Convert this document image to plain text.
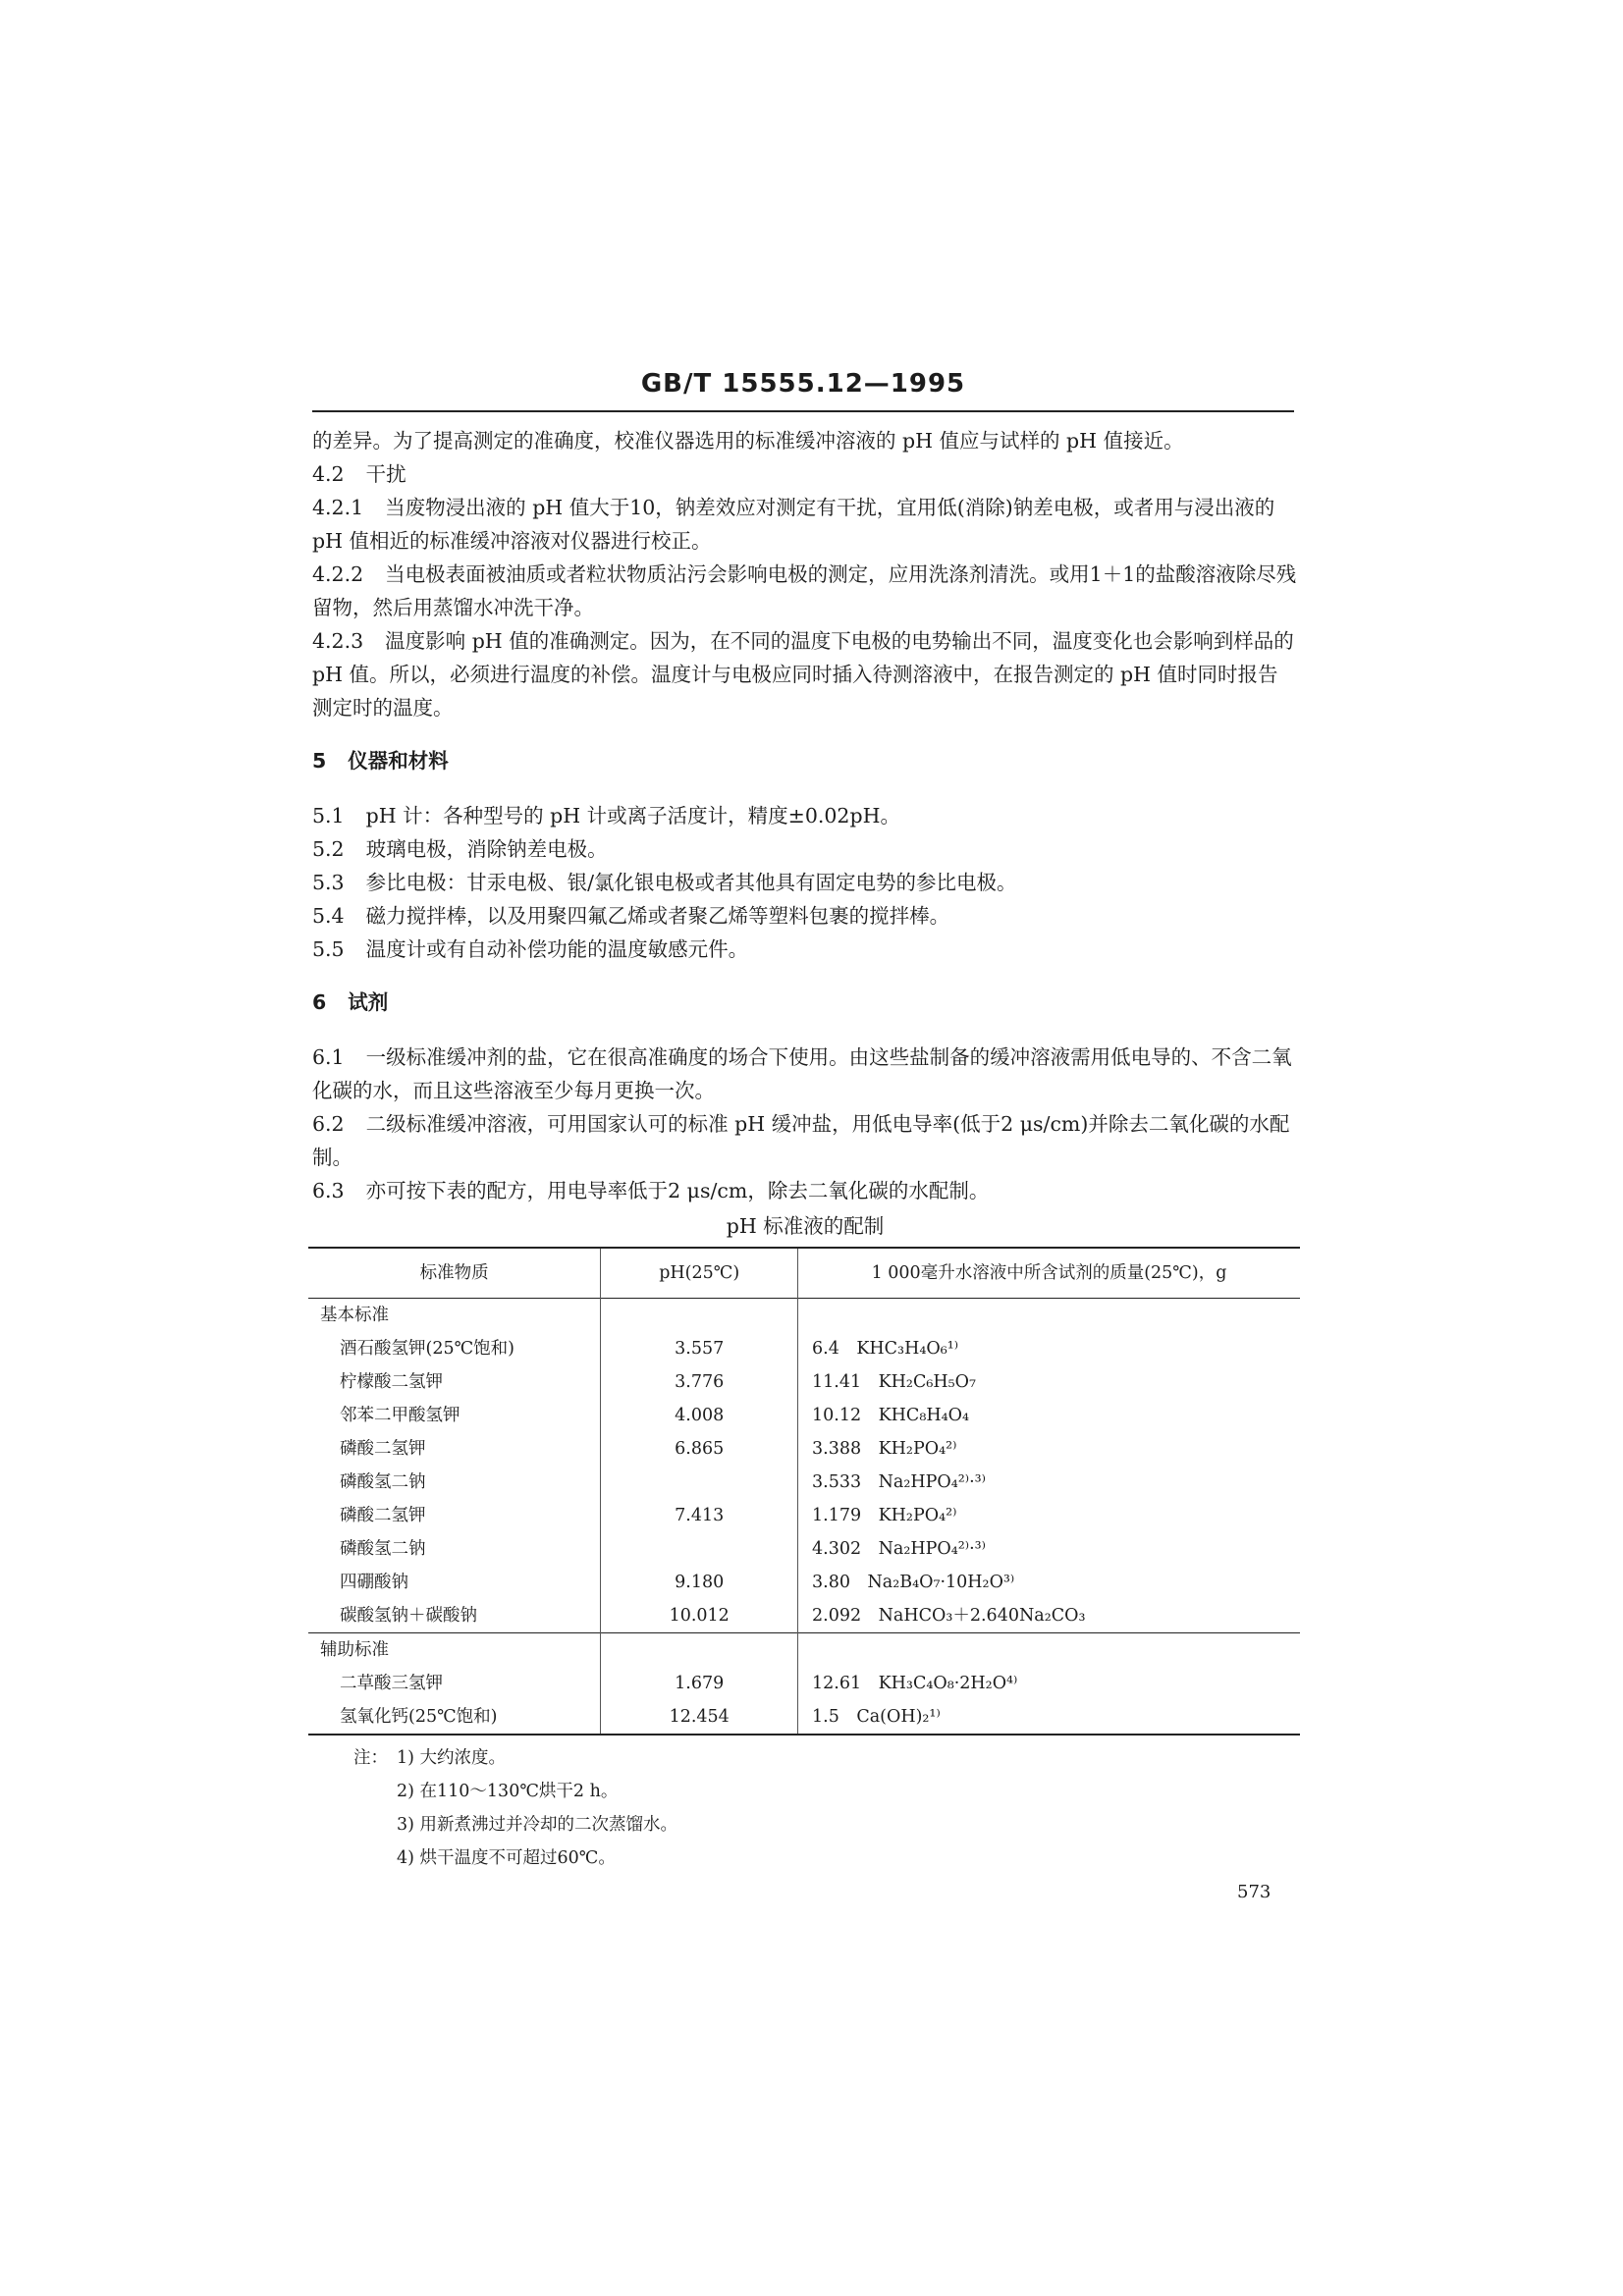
GB/T 15555.12—1995

的差异。为了提高测定的准确度，校准仪器选用的标准缓冲溶液的 pH 值应与试样的 pH 值接近。

4.2 干扰

4.2.1 当废物浸出液的 pH 值大于10，钠差效应对测定有干扰，宜用低(消除)钠差电极，或者用与浸出液的 pH 值相近的标准缓冲溶液对仪器进行校正。

4.2.2 当电极表面被油质或者粒状物质沾污会影响电极的测定，应用洗涤剂清洗。或用1＋1的盐酸溶液除尽残留物，然后用蒸馏水冲洗干净。

4.2.3 温度影响 pH 值的准确测定。因为，在不同的温度下电极的电势输出不同，温度变化也会影响到样品的 pH 值。所以，必须进行温度的补偿。温度计与电极应同时插入待测溶液中，在报告测定的 pH 值时同时报告测定时的温度。

5 仪器和材料

5.1 pH 计：各种型号的 pH 计或离子活度计，精度±0.02pH。

5.2 玻璃电极，消除钠差电极。

5.3 参比电极：甘汞电极、银/氯化银电极或者其他具有固定电势的参比电极。

5.4 磁力搅拌棒，以及用聚四氟乙烯或者聚乙烯等塑料包裹的搅拌棒。

5.5 温度计或有自动补偿功能的温度敏感元件。

6 试剂

6.1 一级标准缓冲剂的盐，它在很高准确度的场合下使用。由这些盐制备的缓冲溶液需用低电导的、不含二氧化碳的水，而且这些溶液至少每月更换一次。

6.2 二级标准缓冲溶液，可用国家认可的标准 pH 缓冲盐，用低电导率(低于2 μs/cm)并除去二氧化碳的水配制。

6.3 亦可按下表的配方，用电导率低于2 μs/cm，除去二氧化碳的水配制。

pH 标准液的配制

标准物质	pH(25℃)	1 000毫升水溶液中所含试剂的质量(25℃)，g
基本标准		
酒石酸氢钾(25℃饱和)	3.557	6.4　KHC₃H₄O₆¹⁾
柠檬酸二氢钾	3.776	11.41　KH₂C₆H₅O₇
邻苯二甲酸氢钾	4.008	10.12　KHC₈H₄O₄
磷酸二氢钾	6.865	3.388　KH₂PO₄²⁾
磷酸氢二钠		3.533　Na₂HPO₄²⁾·³⁾
磷酸二氢钾	7.413	1.179　KH₂PO₄²⁾
磷酸氢二钠		4.302　Na₂HPO₄²⁾·³⁾
四硼酸钠	9.180	3.80　Na₂B₄O₇·10H₂O³⁾
碳酸氢钠＋碳酸钠	10.012	2.092　NaHCO₃＋2.640Na₂CO₃
辅助标准		
二草酸三氢钾	1.679	12.61　KH₃C₄O₈·2H₂O⁴⁾
氢氧化钙(25℃饱和)	12.454	1.5　Ca(OH)₂¹⁾
注： 1) 大约浓度。
2) 在110～130℃烘干2 h。
3) 用新煮沸过并冷却的二次蒸馏水。
4) 烘干温度不可超过60℃。
573
